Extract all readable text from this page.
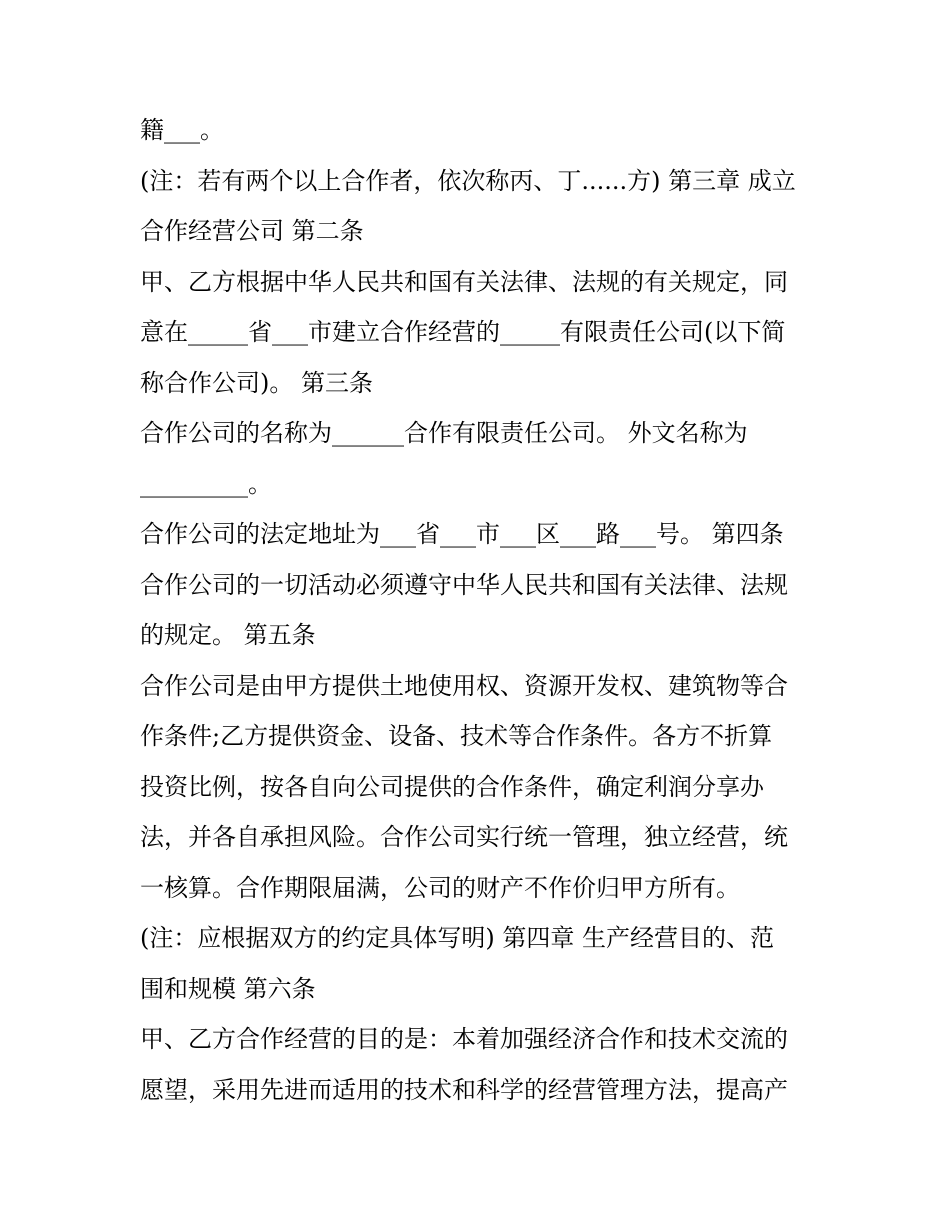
籍___。
(注：若有两个以上合作者，依次称丙、丁......方) 第三章 成立
合作经营公司 第二条
甲、乙方根据中华人民共和国有关法律、法规的有关规定，同
意在_____省___市建立合作经营的_____有限责任公司(以下简
称合作公司)。 第三条
合作公司的名称为______合作有限责任公司。 外文名称为
_________。
合作公司的法定地址为___省___市___区___路___号。 第四条
合作公司的一切活动必须遵守中华人民共和国有关法律、法规
的规定。 第五条
合作公司是由甲方提供土地使用权、资源开发权、建筑物等合
作条件;乙方提供资金、设备、技术等合作条件。各方不折算
投资比例，按各自向公司提供的合作条件，确定利润分享办
法，并各自承担风险。合作公司实行统一管理，独立经营，统
一核算。合作期限届满，公司的财产不作价归甲方所有。
(注：应根据双方的约定具体写明) 第四章 生产经营目的、范
围和规模 第六条
甲、乙方合作经营的目的是：本着加强经济合作和技术交流的
愿望，采用先进而适用的技术和科学的经营管理方法，提高产
